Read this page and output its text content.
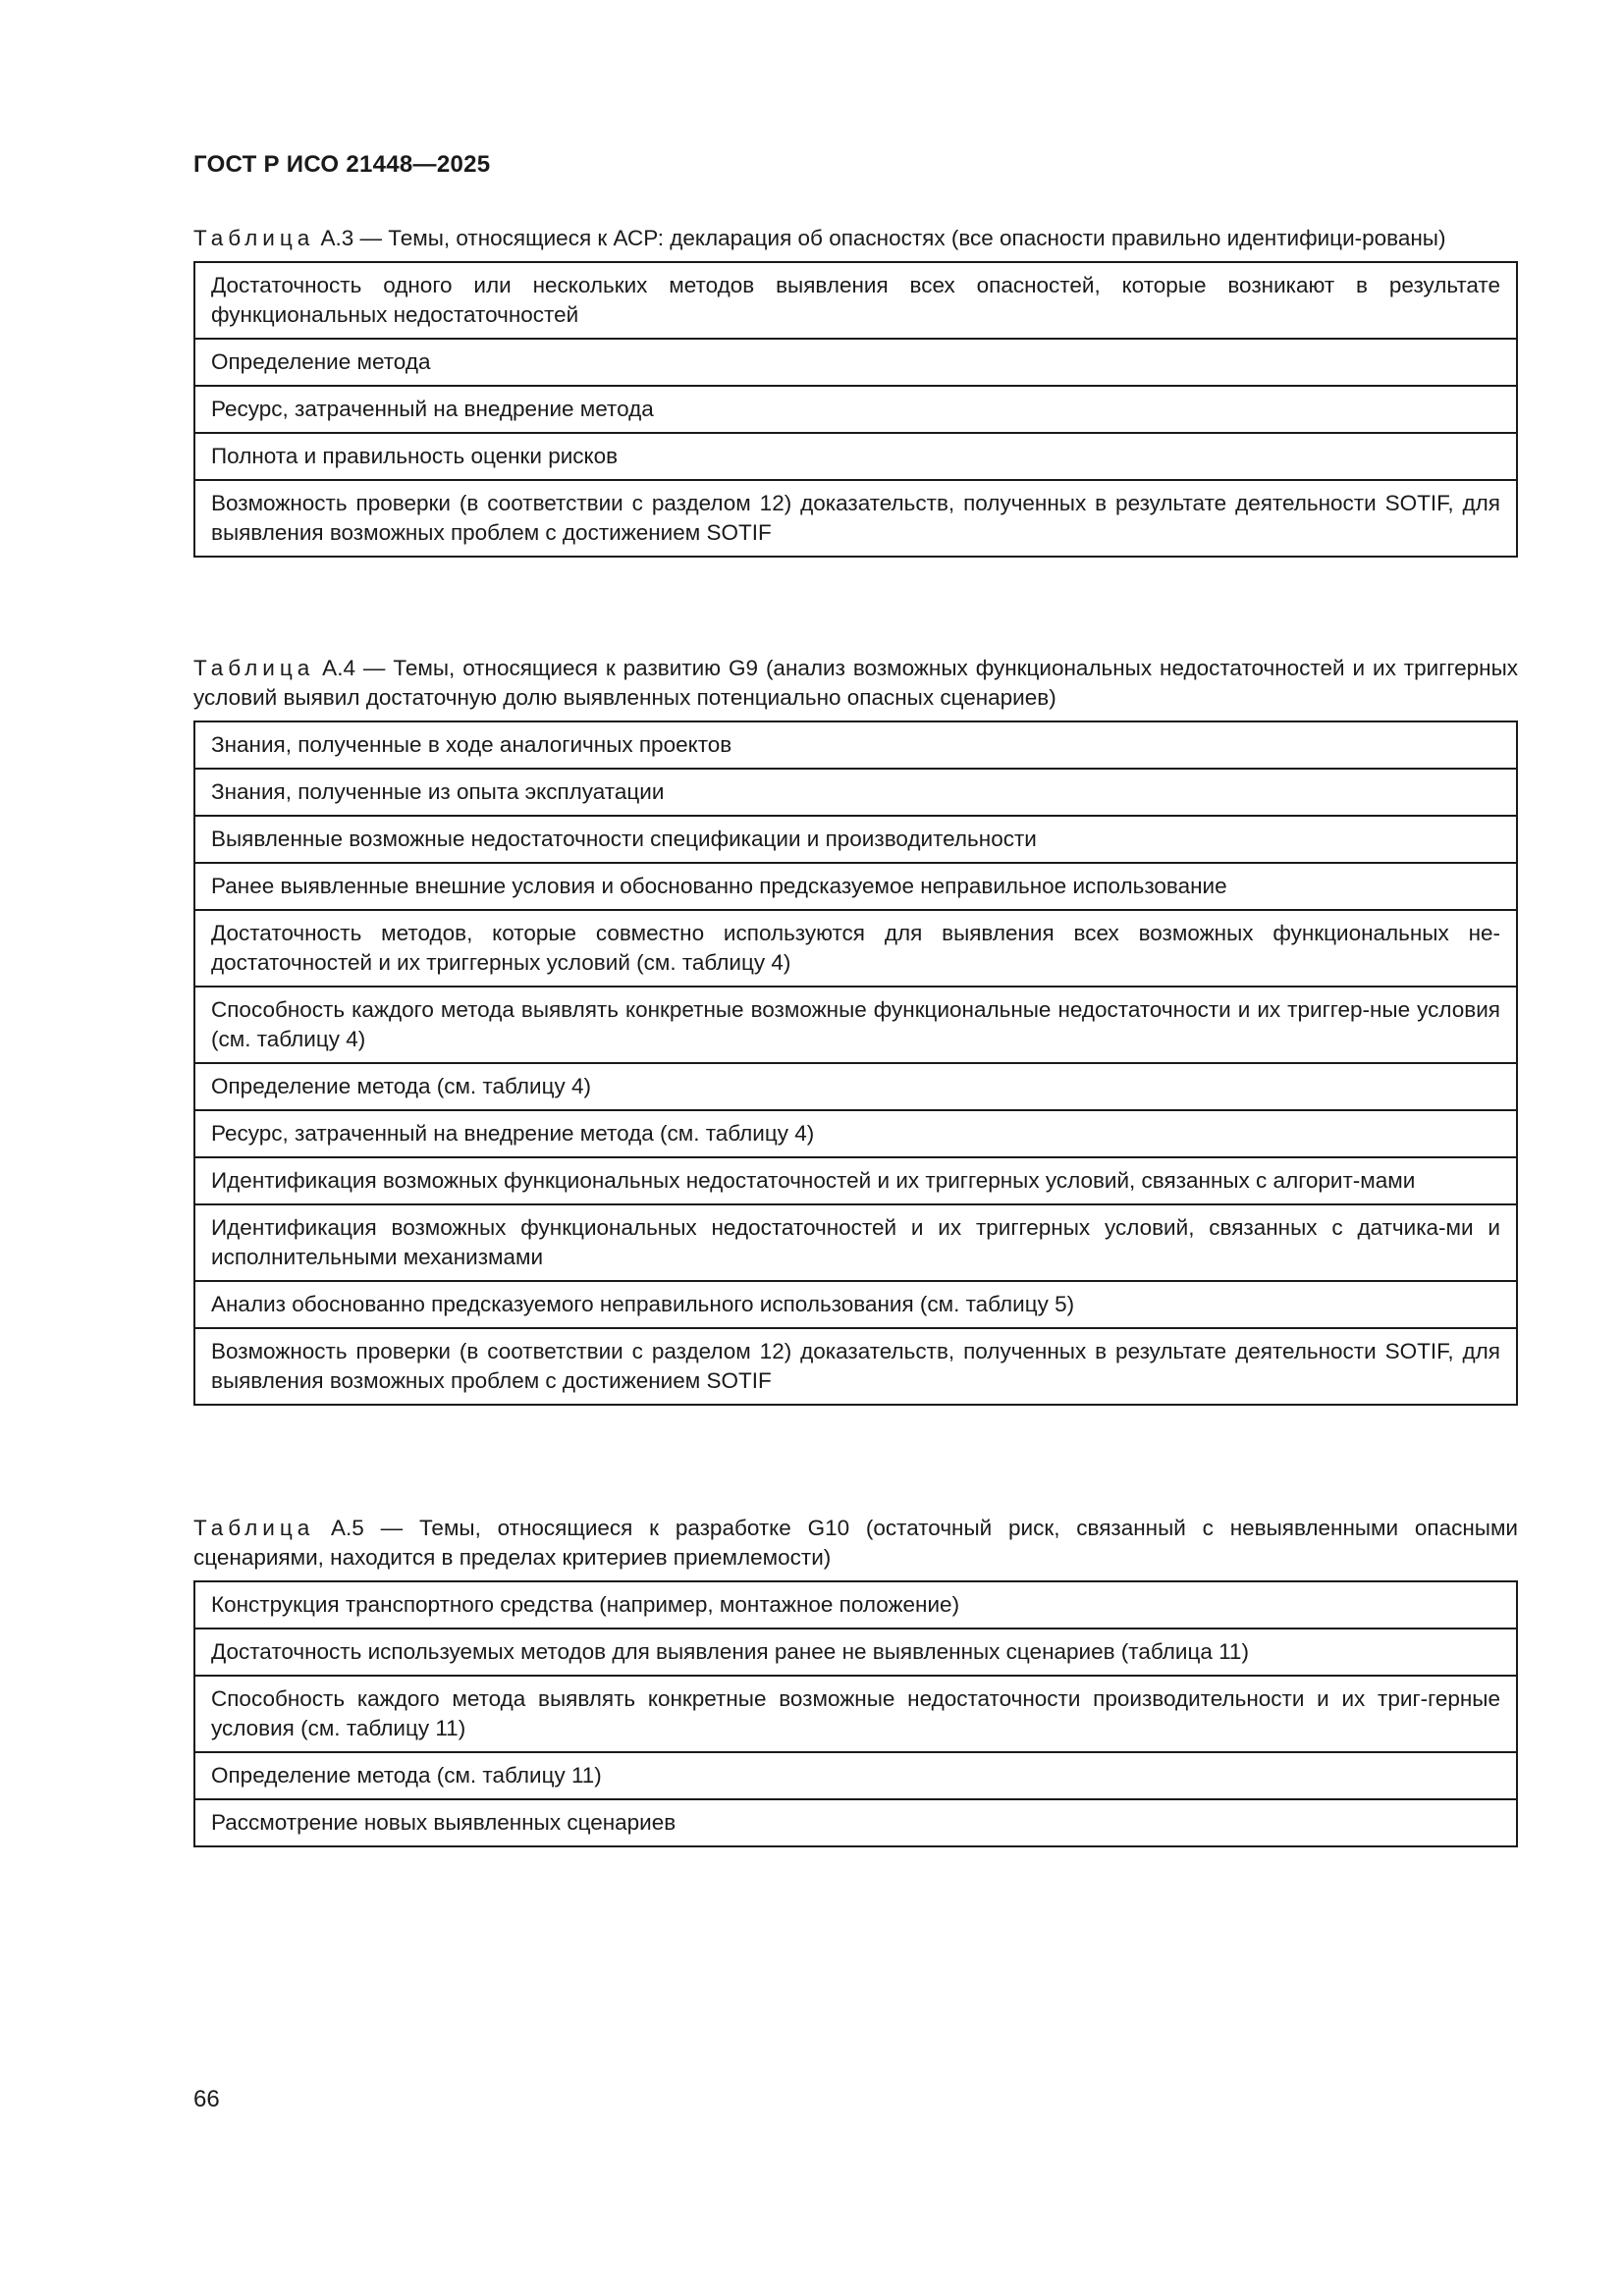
ГОСТ Р ИСО 21448—2025
Таблица А.3 — Темы, относящиеся к АСР: декларация об опасностях (все опасности правильно идентифици-рованы)
Достаточность одного или нескольких методов выявления всех опасностей, которые возникают в результате функциональных недостаточностей
Определение метода
Ресурс, затраченный на внедрение метода
Полнота и правильность оценки рисков
Возможность проверки (в соответствии с разделом 12) доказательств, полученных в результате деятельности SOTIF, для выявления возможных проблем с достижением SOTIF
Таблица А.4 — Темы, относящиеся к развитию G9 (анализ возможных функциональных недостаточностей и их триггерных условий выявил достаточную долю выявленных потенциально опасных сценариев)
Знания, полученные в ходе аналогичных проектов
Знания, полученные из опыта эксплуатации
Выявленные возможные недостаточности спецификации и производительности
Ранее выявленные внешние условия и обоснованно предсказуемое неправильное использование
Достаточность методов, которые совместно используются для выявления всех возможных функциональных не-достаточностей и их триггерных условий (см. таблицу 4)
Способность каждого метода выявлять конкретные возможные функциональные недостаточности и их триггер-ные условия (см. таблицу 4)
Определение метода (см. таблицу 4)
Ресурс, затраченный на внедрение метода (см. таблицу 4)
Идентификация возможных функциональных недостаточностей и их триггерных условий, связанных с алгорит-мами
Идентификация возможных функциональных недостаточностей и их триггерных условий, связанных с датчика-ми и исполнительными механизмами
Анализ обоснованно предсказуемого неправильного использования (см. таблицу 5)
Возможность проверки (в соответствии с разделом 12) доказательств, полученных в результате деятельности SOTIF, для выявления возможных проблем с достижением SOTIF
Таблица А.5 — Темы, относящиеся к разработке G10 (остаточный риск, связанный с невыявленными опасными сценариями, находится в пределах критериев приемлемости)
Конструкция транспортного средства (например, монтажное положение)
Достаточность используемых методов для выявления ранее не выявленных сценариев (таблица 11)
Способность каждого метода выявлять конкретные возможные недостаточности производительности и их триг-герные условия (см. таблицу 11)
Определение метода (см. таблицу 11)
Рассмотрение новых выявленных сценариев
66
